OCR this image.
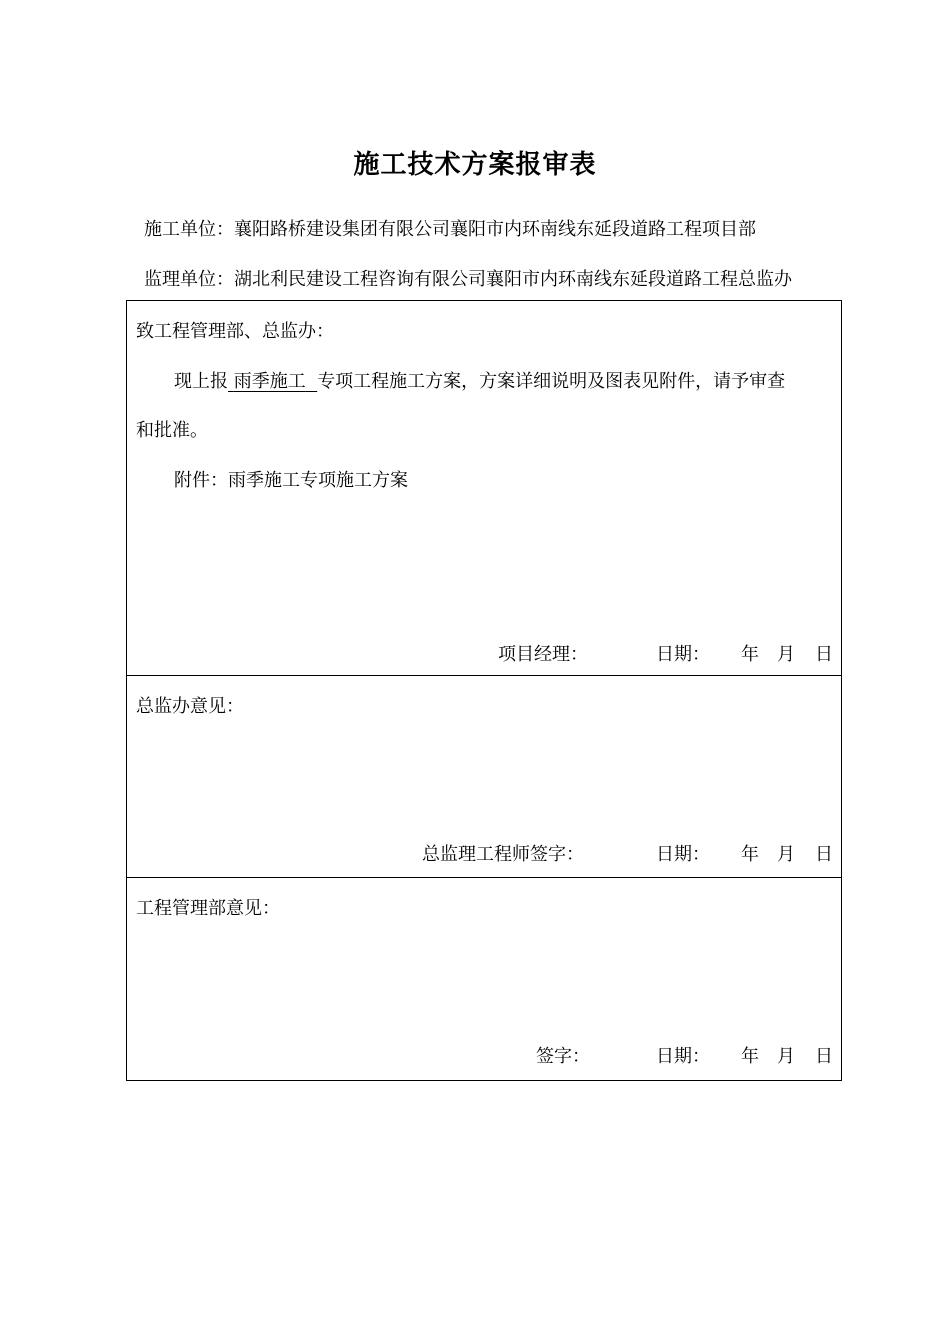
施工技术方案报审表
施工单位：襄阳路桥建设集团有限公司襄阳市内环南线东延段道路工程项目部
监理单位：湖北利民建设工程咨询有限公司襄阳市内环南线东延段道路工程总监办
致工程管理部、总监办：
现上报 雨季施工 专项工程施工方案，方案详细说明及图表见附件，请予审查
和批准。
附件：雨季施工专项施工方案
项目经理：	日期： 年 月 日
总监办意见：
总监理工程师签字：	日期： 年 月 日
工程管理部意见：
签字：	日期： 年 月 日
